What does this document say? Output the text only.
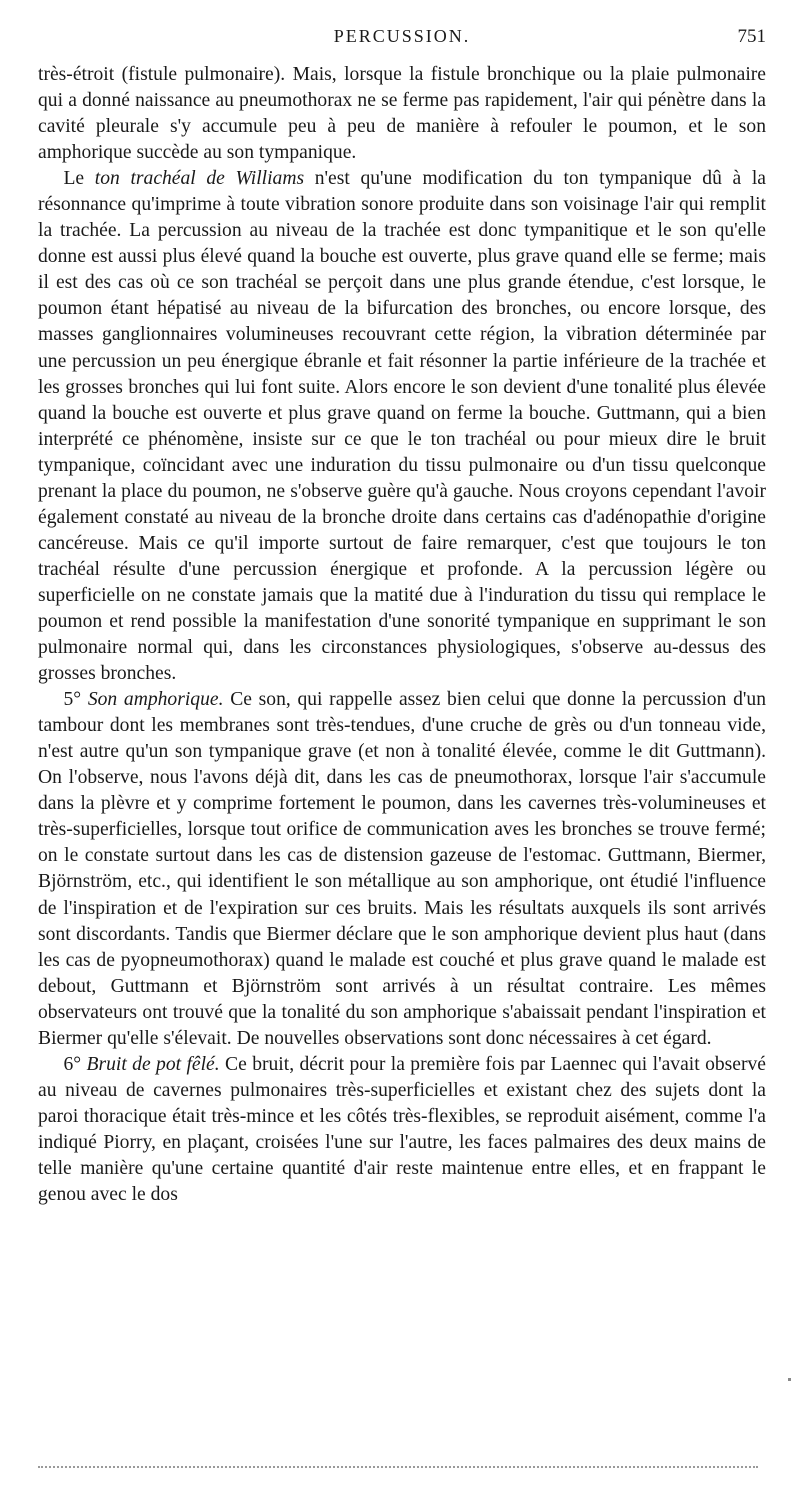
PERCUSSION.	751

très-étroit (fistule pulmonaire). Mais, lorsque la fistule bronchique ou la plaie pulmonaire qui a donné naissance au pneumothorax ne se ferme pas rapidement, l'air qui pénètre dans la cavité pleurale s'y accumule peu à peu de manière à refouler le poumon, et le son amphorique succède au son tympanique.

Le ton trachéal de Williams n'est qu'une modification du ton tympanique dû à la résonnance qu'imprime à toute vibration sonore produite dans son voisinage l'air qui remplit la trachée. La percussion au niveau de la trachée est donc tympanitique et le son qu'elle donne est aussi plus élevé quand la bouche est ouverte, plus grave quand elle se ferme; mais il est des cas où ce son trachéal se perçoit dans une plus grande étendue, c'est lorsque, le poumon étant hépatisé au niveau de la bifurcation des bronches, ou encore lorsque, des masses ganglionnaires volumineuses recouvrant cette région, la vibration déterminée par une percussion un peu énergique ébranle et fait résonner la partie inférieure de la trachée et les grosses bronches qui lui font suite. Alors encore le son devient d'une tonalité plus élevée quand la bouche est ouverte et plus grave quand on ferme la bouche. Guttmann, qui a bien interprété ce phénomène, insiste sur ce que le ton trachéal ou pour mieux dire le bruit tympanique, coïncidant avec une induration du tissu pulmonaire ou d'un tissu quelconque prenant la place du poumon, ne s'observe guère qu'à gauche. Nous croyons cependant l'avoir également constaté au niveau de la bronche droite dans certains cas d'adénopathie d'origine cancéreuse. Mais ce qu'il importe surtout de faire remarquer, c'est que toujours le ton trachéal résulte d'une percussion énergique et profonde. A la percussion légère ou superficielle on ne constate jamais que la matité due à l'induration du tissu qui remplace le poumon et rend possible la manifestation d'une sonorité tympanique en supprimant le son pulmonaire normal qui, dans les circonstances physiologiques, s'observe au-dessus des grosses bronches.

5° Son amphorique. Ce son, qui rappelle assez bien celui que donne la percussion d'un tambour dont les membranes sont très-tendues, d'une cruche de grès ou d'un tonneau vide, n'est autre qu'un son tympanique grave (et non à tonalité élevée, comme le dit Guttmann). On l'observe, nous l'avons déjà dit, dans les cas de pneumothorax, lorsque l'air s'accumule dans la plèvre et y comprime fortement le poumon, dans les cavernes très-volumineuses et très-superficielles, lorsque tout orifice de communication aves les bronches se trouve fermé; on le constate surtout dans les cas de distension gazeuse de l'estomac. Guttmann, Biermer, Björnström, etc., qui identifient le son métallique au son amphorique, ont étudié l'influence de l'inspiration et de l'expiration sur ces bruits. Mais les résultats auxquels ils sont arrivés sont discordants. Tandis que Biermer déclare que le son amphorique devient plus haut (dans les cas de pyopneumothorax) quand le malade est couché et plus grave quand le malade est debout, Guttmann et Björnström sont arrivés à un résultat contraire. Les mêmes observateurs ont trouvé que la tonalité du son amphorique s'abaissait pendant l'inspiration et Biermer qu'elle s'élevait. De nouvelles observations sont donc nécessaires à cet égard.

6° Bruit de pot fêlé. Ce bruit, décrit pour la première fois par Laennec qui l'avait observé au niveau de cavernes pulmonaires très-superficielles et existant chez des sujets dont la paroi thoracique était très-mince et les côtés très-flexibles, se reproduit aisément, comme l'a indiqué Piorry, en plaçant, croisées l'une sur l'autre, les faces palmaires des deux mains de telle manière qu'une certaine quantité d'air reste maintenue entre elles, et en frappant le genou avec le dos
